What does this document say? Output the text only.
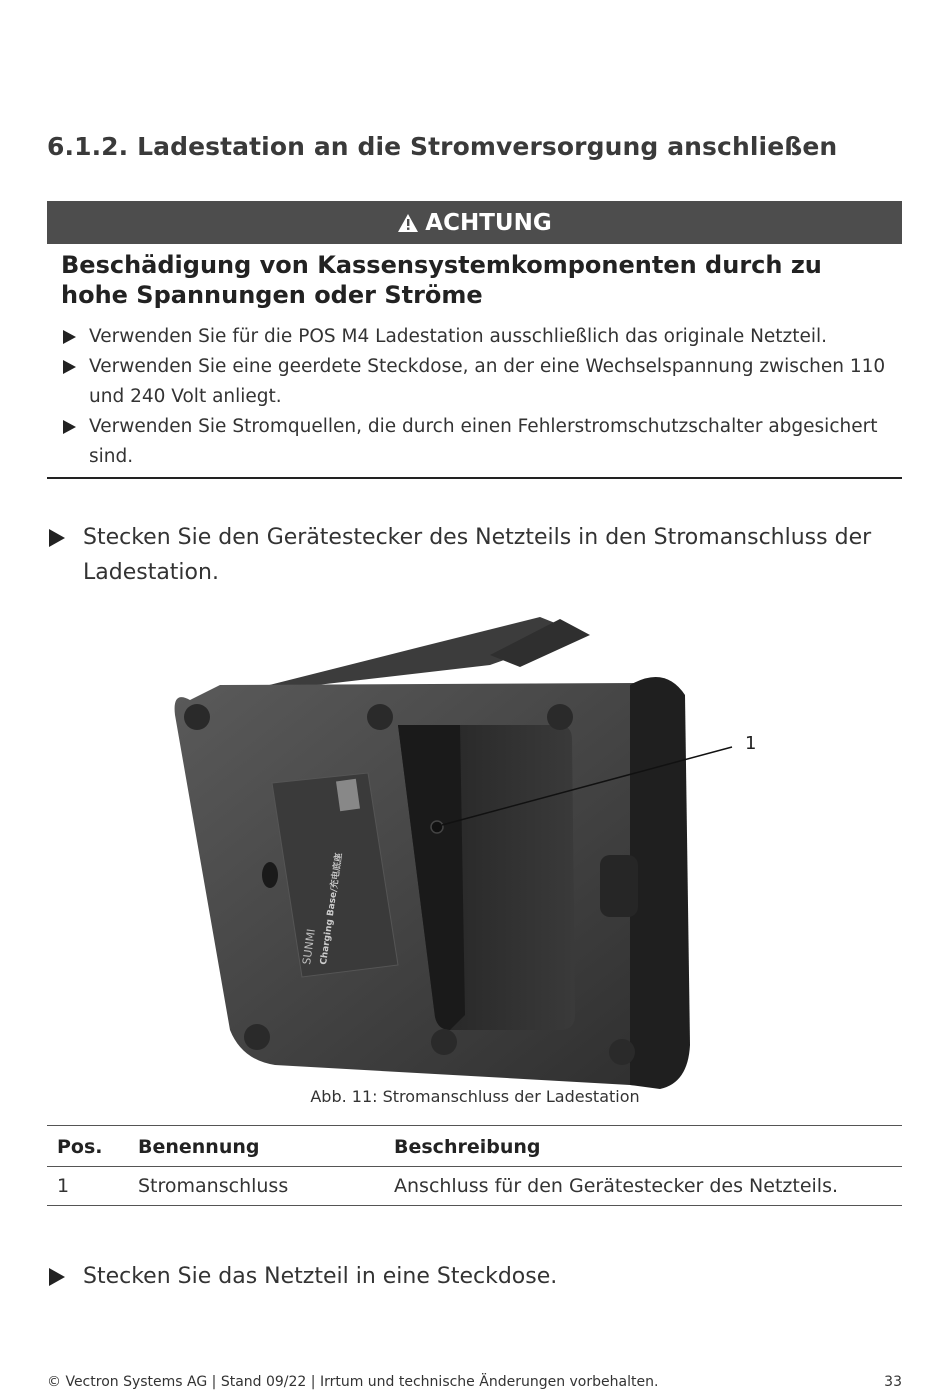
6.1.2. Ladestation an die Stromversorgung anschließen
ACHTUNG
Beschädigung von Kassensystemkomponenten durch zu hohe Spannungen oder Ströme
Verwenden Sie für die POS M4 Ladestation ausschließlich das originale Netzteil.
Verwenden Sie eine geerdete Steckdose, an der eine Wechselspannung zwischen 110 und 240 Volt anliegt.
Verwenden Sie Stromquellen, die durch einen Fehlerstromschutzschalter abgesichert sind.
Stecken Sie den Gerätestecker des Netzteils in den Stromanschluss der Ladestation.
SUNMI Charging Base/充电底座
1
Abb. 11: Stromanschluss der Ladestation
Pos.	Benennung	Beschreibung
1	Stromanschluss	Anschluss für den Gerätestecker des Netzteils.
Stecken Sie das Netzteil in eine Steckdose.
© Vectron Systems AG | Stand 09/22 | Irrtum und technische Änderungen vorbehalten.	33
